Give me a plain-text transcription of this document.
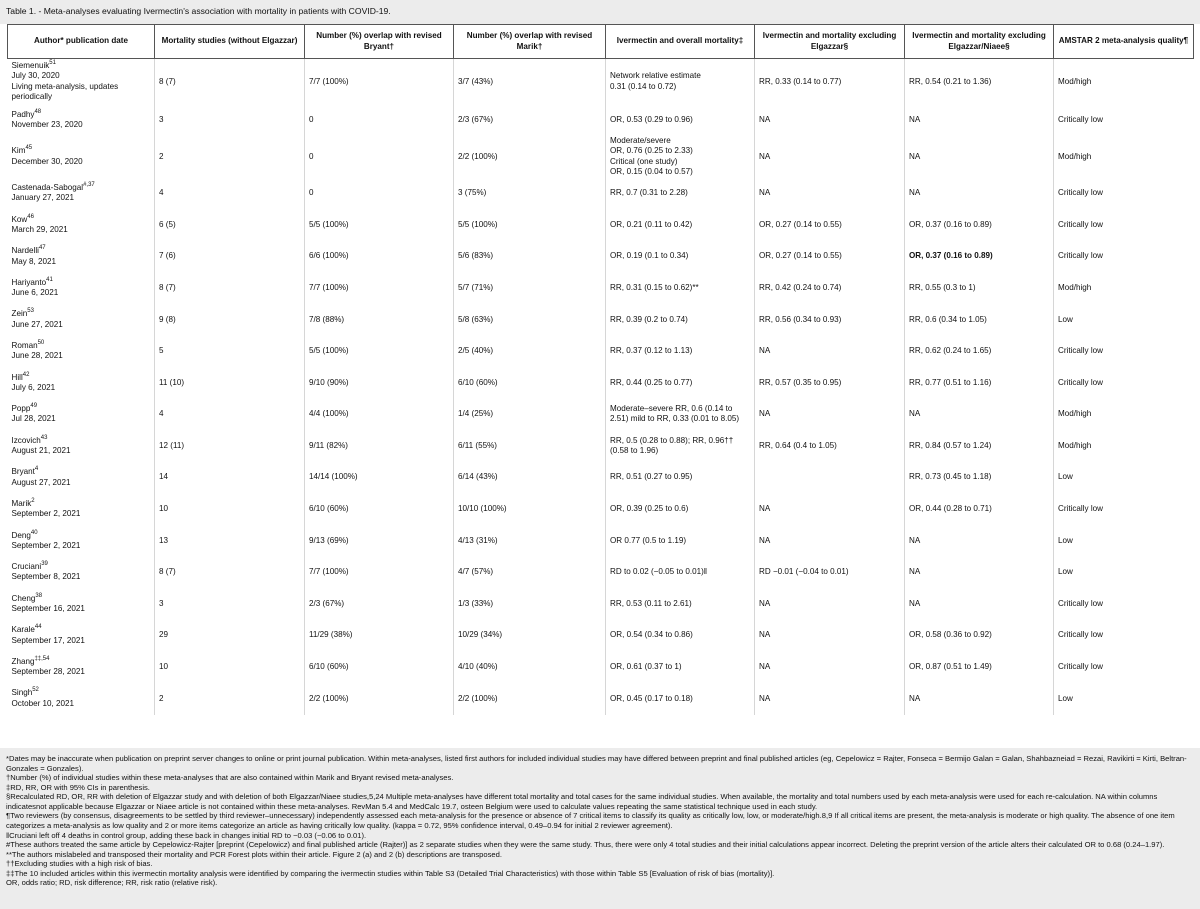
Table 1. - Meta-analyses evaluating Ivermectin's association with mortality in patients with COVID-19.
Author* publication date	Mortality studies (without Elgazzar)	Number (%) overlap with revised Bryant†	Number (%) overlap with revised Marik†	Ivermectin and overall mortality‡	Ivermectin and mortality excluding Elgazzar§	Ivermectin and mortality excluding Elgazzar/Niaee§	AMSTAR 2 meta-analysis quality¶
Siemenuik$^{51}$
July 30, 2020
Living meta-analysis, updates periodically	8 (7)	7/7 (100%)	3/7 (43%)	Network relative estimate
0.31 (0.14 to 0.72)	RR, 0.33 (0.14 to 0.77)	RR, 0.54 (0.21 to 1.36)	Mod/high
Padhy$^{48}$
November 23, 2020	3	0	2/3 (67%)	OR, 0.53 (0.29 to 0.96)	NA	NA	Critically low
Kim$^{45}$
December 30, 2020	2	0	2/2 (100%)	Moderate/severe
OR, 0.76 (0.25 to 2.33)
Critical (one study)
OR, 0.15 (0.04 to 0.57)	NA	NA	Mod/high
Castenada-Sabogal$^{\#,37}$
January 27, 2021	4	0	3 (75%)	RR, 0.7 (0.31 to 2.28)	NA	NA	Critically low
Kow$^{46}$
March 29, 2021	6 (5)	5/5 (100%)	5/5 (100%)	OR, 0.21 (0.11 to 0.42)	OR, 0.27 (0.14 to 0.55)	OR, 0.37 (0.16 to 0.89)	Critically low
Nardelli$^{47}$
May 8, 2021	7 (6)	6/6 (100%)	5/6 (83%)	OR, 0.19 (0.1 to 0.34)	OR, 0.27 (0.14 to 0.55)	OR, 0.37 (0.16 to 0.89)	Critically low
Hariyanto$^{41}$
June 6, 2021	8 (7)	7/7 (100%)	5/7 (71%)	RR, 0.31 (0.15 to 0.62)**	RR, 0.42 (0.24 to 0.74)	RR, 0.55 (0.3 to 1)	Mod/high
Zein$^{53}$
June 27, 2021	9 (8)	7/8 (88%)	5/8 (63%)	RR, 0.39 (0.2 to 0.74)	RR, 0.56 (0.34 to 0.93)	RR, 0.6 (0.34 to 1.05)	Low
Roman$^{50}$
June 28, 2021	5	5/5 (100%)	2/5 (40%)	RR, 0.37 (0.12 to 1.13)	NA	RR, 0.62 (0.24 to 1.65)	Critically low
Hill$^{42}$
July 6, 2021	11 (10)	9/10 (90%)	6/10 (60%)	RR, 0.44 (0.25 to 0.77)	RR, 0.57 (0.35 to 0.95)	RR, 0.77 (0.51 to 1.16)	Critically low
Popp$^{49}$
Jul 28, 2021	4	4/4 (100%)	1/4 (25%)	Moderate–severe RR, 0.6 (0.14 to
2.51) mild to RR, 0.33 (0.01 to 8.05)	NA	NA	Mod/high
Izcovich$^{43}$
August 21, 2021	12 (11)	9/11 (82%)	6/11 (55%)	RR, 0.5 (0.28 to 0.88); RR, 0.96††
(0.58 to 1.96)	RR, 0.64 (0.4 to 1.05)	RR, 0.84 (0.57 to 1.24)	Mod/high
Bryant$^4$
August 27, 2021	14	14/14 (100%)	6/14 (43%)	RR, 0.51 (0.27 to 0.95)		RR, 0.73 (0.45 to 1.18)	Low
Marik$^2$
September 2, 2021	10	6/10 (60%)	10/10 (100%)	OR, 0.39 (0.25 to 0.6)	NA	OR, 0.44 (0.28 to 0.71)	Critically low
Deng$^{40}$
September 2, 2021	13	9/13 (69%)	4/13 (31%)	OR 0.77 (0.5 to 1.19)	NA	NA	Low
Cruciani$^{39}$
September 8, 2021	8 (7)	7/7 (100%)	4/7 (57%)	RD to 0.02 (−0.05 to 0.01)‖	RD −0.01 (−0.04 to 0.01)	NA	Low
Cheng$^{38}$
September 16, 2021	3	2/3 (67%)	1/3 (33%)	RR, 0.53 (0.11 to 2.61)	NA	NA	Critically low
Karale$^{44}$
September 17, 2021	29	11/29 (38%)	10/29 (34%)	OR, 0.54 (0.34 to 0.86)	NA	OR, 0.58 (0.36 to 0.92)	Critically low
Zhang$^{\ddagger\ddagger,54}$
September 28, 2021	10	6/10 (60%)	4/10 (40%)	OR, 0.61 (0.37 to 1)	NA	OR, 0.87 (0.51 to 1.49)	Critically low
Singh$^{52}$
October 10, 2021	2	2/2 (100%)	2/2 (100%)	OR, 0.45 (0.17 to 0.18)	NA	NA	Low

*Dates may be inaccurate when publication on preprint server changes to online or print journal publication. Within meta-analyses, listed first authors for included individual studies may have differed between preprint and final published articles (eg, Cepelowicz = Rajter, Fonseca = Bermijo Galan = Galan, Shahbazneiad = Rezai, Ravikirti = Kirti, Beltran-Gonzales = Gonzales).

†Number (%) of individual studies within these meta-analyses that are also contained within Marik and Bryant revised meta-analyses.

‡RD, RR, OR with 95% CIs in parenthesis.

§Recalculated RD, OR, RR with deletion of Elgazzar study and with deletion of both Elgazzar/Niaee studies,5,24 Multiple meta-analyses have different total mortality and total cases for the same individual studies. When available, the mortality and total numbers used by each meta-analysis were used for each re-calculation. NA within columns indicatesnot applicable because Elgazzar or Niaee article is not contained within these meta-analyses. RevMan 5.4 and MedCalc 19.7, osteen Belgium were used to calculate values repeating the same statistical technique used in each study.

¶Two reviewers (by consensus, disagreements to be settled by third reviewer–unnecessary) independently assessed each meta-analysis for the presence or absence of 7 critical items to classify its quality as critically low, low, or moderate/high.8,9 If all critical items are present, the meta-analysis is moderate or high quality. The absence of one item categorizes a meta-analysis as low quality and 2 or more items categorize an article as having critically low quality. (kappa = 0.72, 95% confidence interval, 0.49–0.94 for initial 2 reviewer agreement).

‖Cruciani left off 4 deaths in control group, adding these back in changes initial RD to −0.03 (−0.06 to 0.01).

#These authors treated the same article by Cepelowicz-Rajter [preprint (Cepelowicz) and final published article (Rajter)] as 2 separate studies when they were the same study. Thus, there were only 4 total studies and their initial calculations appear incorrect. Deleting the preprint version of the article alters their calculated OR to 0.68 (0.24–1.97).

**The authors mislabeled and transposed their mortality and PCR Forest plots within their article. Figure 2 (a) and 2 (b) descriptions are transposed.

††Excluding studies with a high risk of bias.

‡‡The 10 included articles within this ivermectin mortality analysis were identified by comparing the ivermectin studies within Table S3 (Detailed Trial Characteristics) with those within Table S5 [Evaluation of risk of bias (mortality)].

OR, odds ratio; RD, risk difference; RR, risk ratio (relative risk).
